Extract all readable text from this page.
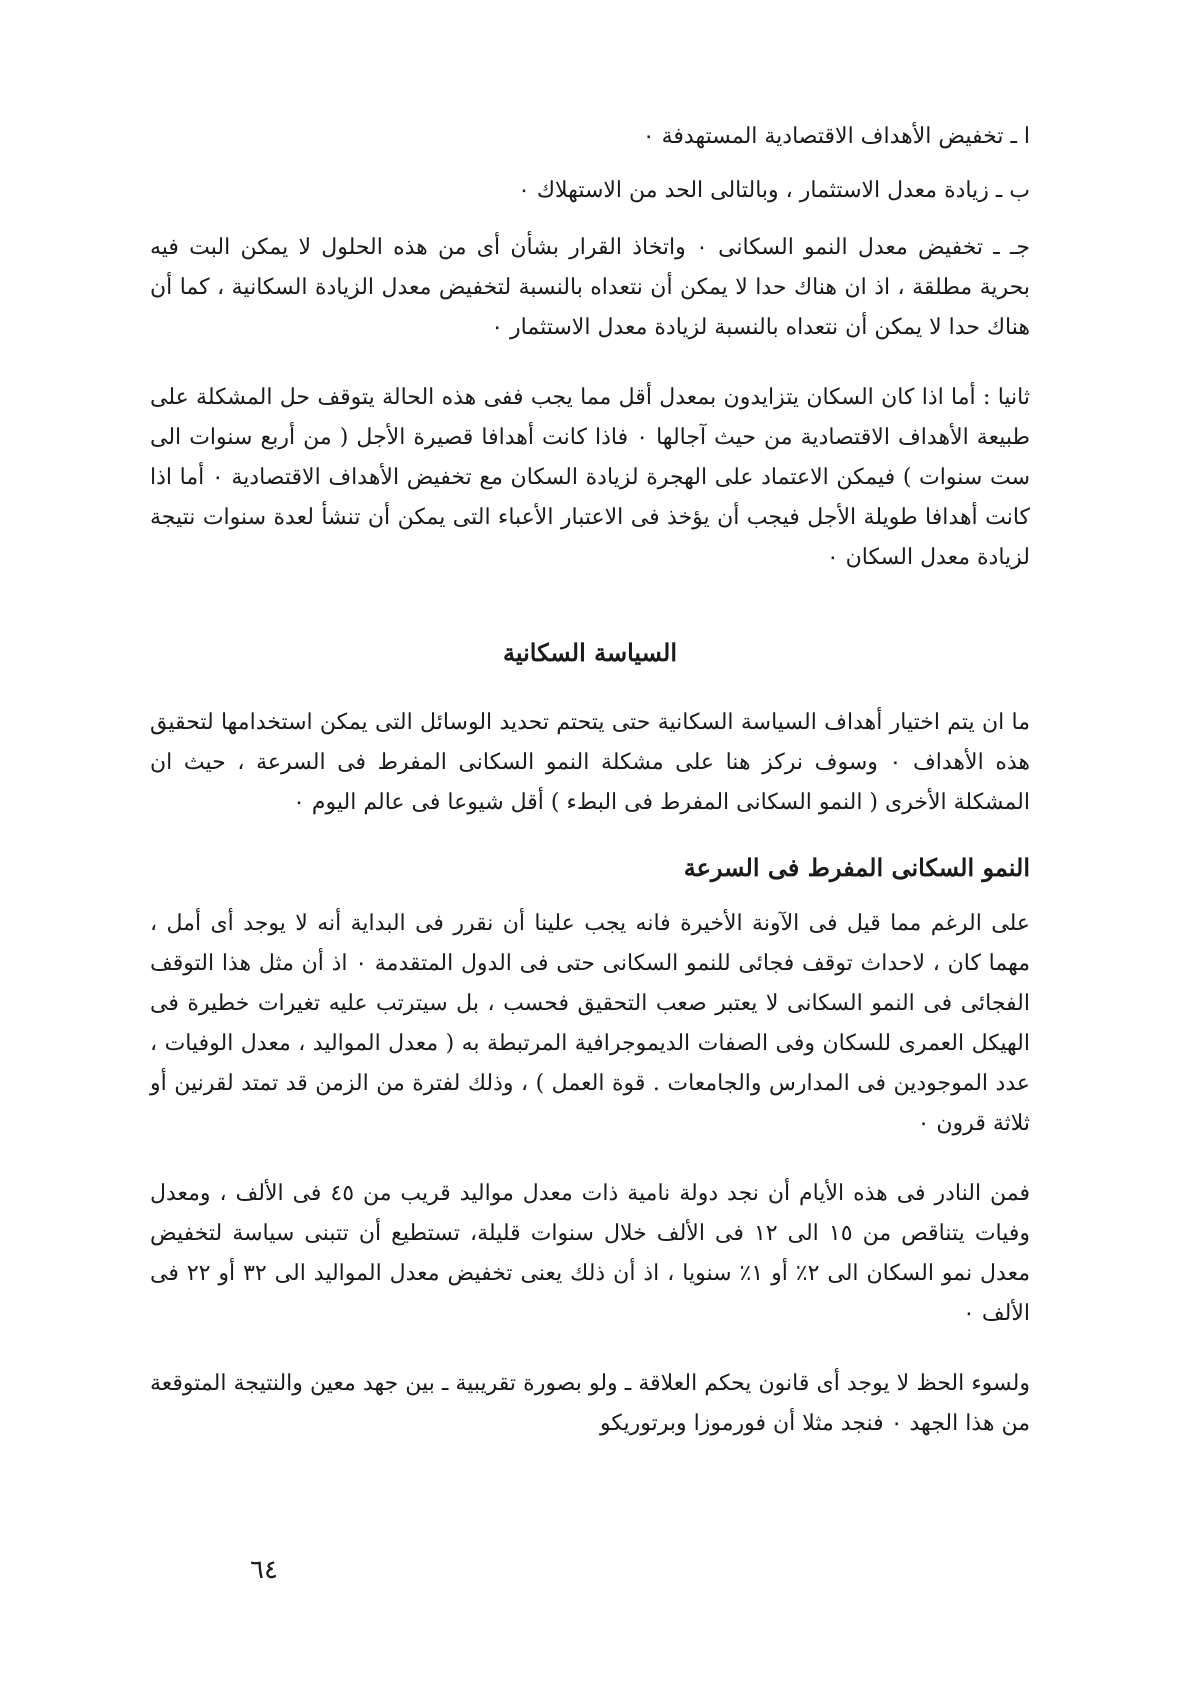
ا ـ تخفيض الأهداف الاقتصادية المستهدفة ٠

ب ـ زيادة معدل الاستثمار ، وبالتالى الحد من الاستهلاك ٠

جـ ـ تخفيض معدل النمو السكانى ٠ واتخاذ القرار بشأن أى من هذه الحلول لا يمكن البت فيه بحرية مطلقة ، اذ ان هناك حدا لا يمكن أن نتعداه بالنسبة لتخفيض معدل الزيادة السكانية ، كما أن هناك حدا لا يمكن أن نتعداه بالنسبة لزيادة معدل الاستثمار ٠

ثانيا : أما اذا كان السكان يتزايدون بمعدل أقل مما يجب ففى هذه الحالة يتوقف حل المشكلة على طبيعة الأهداف الاقتصادية من حيث آجالها ٠ فاذا كانت أهدافا قصيرة الأجل ( من أربع سنوات الى ست سنوات ) فيمكن الاعتماد على الهجرة لزيادة السكان مع تخفيض الأهداف الاقتصادية ٠ أما اذا كانت أهدافا طويلة الأجل فيجب أن يؤخذ فى الاعتبار الأعباء التى يمكن أن تنشأ لعدة سنوات نتيجة لزيادة معدل السكان ٠

السياسة السكانية

ما ان يتم اختيار أهداف السياسة السكانية حتى يتحتم تحديد الوسائل التى يمكن استخدامها لتحقيق هذه الأهداف ٠ وسوف نركز هنا على مشكلة النمو السكانى المفرط فى السرعة ، حيث ان المشكلة الأخرى ( النمو السكانى المفرط فى البطء ) أقل شيوعا فى عالم اليوم ٠

النمو السكانى المفرط فى السرعة

على الرغم مما قيل فى الآونة الأخيرة فانه يجب علينا أن نقرر فى البداية أنه لا يوجد أى أمل ، مهما كان ، لاحداث توقف فجائى للنمو السكانى حتى فى الدول المتقدمة ٠ اذ أن مثل هذا التوقف الفجائى فى النمو السكانى لا يعتبر صعب التحقيق فحسب ، بل سيترتب عليه تغيرات خطيرة فى الهيكل العمرى للسكان وفى الصفات الديموجرافية المرتبطة به ( معدل المواليد ، معدل الوفيات ، عدد الموجودين فى المدارس والجامعات . قوة العمل ) ، وذلك لفترة من الزمن قد تمتد لقرنين أو ثلاثة قرون ٠

فمن النادر فى هذه الأيام أن نجد دولة نامية ذات معدل مواليد قريب من ٤٥ فى الألف ، ومعدل وفيات يتناقص من ١٥ الى ١٢ فى الألف خلال سنوات قليلة، تستطيع أن تتبنى سياسة لتخفيض معدل نمو السكان الى ٢٪ أو ١٪ سنويا ، اذ أن ذلك يعنى تخفيض معدل المواليد الى ٣٢ أو ٢٢ فى الألف ٠

ولسوء الحظ لا يوجد أى قانون يحكم العلاقة ـ ولو بصورة تقريبية ـ بين جهد معين والنتيجة المتوقعة من هذا الجهد ٠ فنجد مثلا أن فورموزا وبرتوريكو

٦٤
